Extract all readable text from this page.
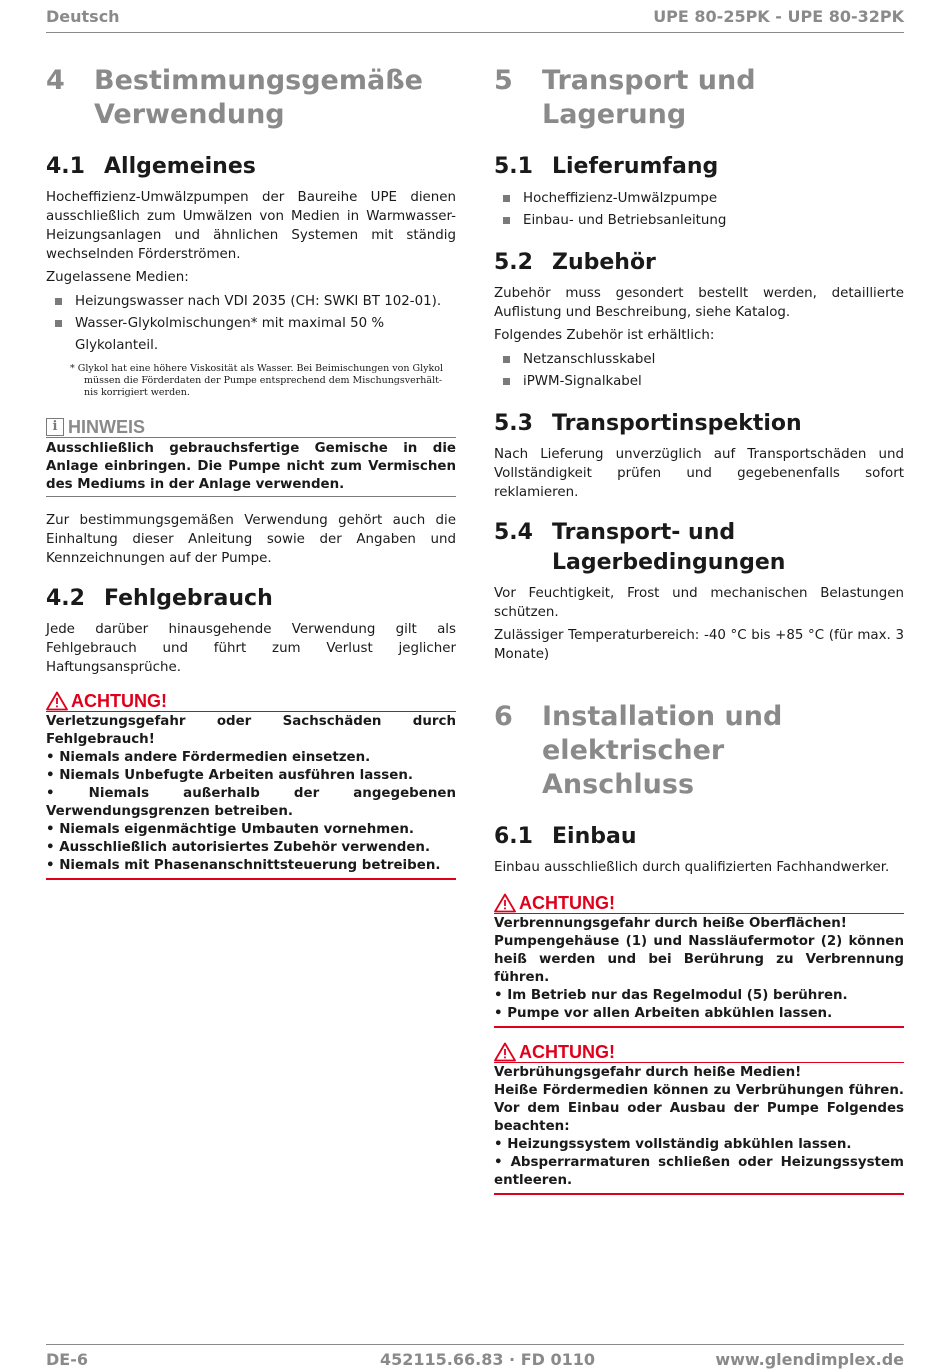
Deutsch	UPE 80-25PK - UPE 80-32PK
4	Bestimmungsgemäße
Verwendung
4.1 Allgemeines

Hocheffizienz-Umwälzpumpen der Baureihe UPE dienen ausschließlich zum Umwälzen von Medien in Warmwasser-Heizungsanlagen und ähnlichen Systemen mit ständig wechselnden Förderströmen.

Zugelassene Medien:

Heizungswasser nach VDI 2035 (CH: SWKI BT 102-01).
Wasser-Glykolmischungen* mit maximal 50 % Glykolanteil.
* Glykol hat eine höhere Viskosität als Wasser. Bei Beimischungen von Glykol
müssen die Förderdaten der Pumpe entsprechend dem Mischungsverhält-
nis korrigiert werden.
i HINWEIS
Ausschließlich gebrauchsfertige Gemische in die Anlage einbringen. Die Pumpe nicht zum Vermischen des Mediums in der Anlage verwenden.

Zur bestimmungsgemäßen Verwendung gehört auch die Einhaltung dieser Anleitung sowie der Angaben und Kennzeichnungen auf der Pumpe.

4.2 Fehlgebrauch

Jede darüber hinausgehende Verwendung gilt als Fehlgebrauch und führt zum Verlust jeglicher Haftungsansprüche.

ACHTUNG!
Verletzungsgefahr oder Sachschäden durch Fehlgebrauch!
• Niemals andere Fördermedien einsetzen.
• Niemals Unbefugte Arbeiten ausführen lassen.
• Niemals außerhalb der angegebenen Verwendungsgrenzen betreiben.
• Niemals eigenmächtige Umbauten vornehmen.
• Ausschließlich autorisiertes Zubehör verwenden.
• Niemals mit Phasenanschnittsteuerung betreiben.
5	Transport und Lagerung
5.1 Lieferumfang
Hocheffizienz-Umwälzpumpe
Einbau- und Betriebsanleitung
5.2 Zubehör

Zubehör muss gesondert bestellt werden, detaillierte Auflistung und Beschreibung, siehe Katalog.

Folgendes Zubehör ist erhältlich:

Netzanschlusskabel
iPWM-Signalkabel
5.3 Transportinspektion

Nach Lieferung unverzüglich auf Transportschäden und Vollständigkeit prüfen und gegebenenfalls sofort reklamieren.

5.4 Transport- und
Lagerbedingungen

Vor Feuchtigkeit, Frost und mechanischen Belastungen schützen.

Zulässiger Temperaturbereich: -40 °C bis +85 °C (für max. 3 Monate)

6	Installation und elektrischer
Anschluss
6.1 Einbau

Einbau ausschließlich durch qualifizierten Fachhandwerker.

ACHTUNG!
Verbrennungsgefahr durch heiße Oberflächen!
Pumpengehäuse (1) und Nassläufermotor (2) können heiß werden und bei Berührung zu Verbrennung führen.
• Im Betrieb nur das Regelmodul (5) berühren.
• Pumpe vor allen Arbeiten abkühlen lassen.
ACHTUNG!
Verbrühungsgefahr durch heiße Medien!
Heiße Fördermedien können zu Verbrühungen führen. Vor dem Einbau oder Ausbau der Pumpe Folgendes beachten:
• Heizungssystem vollständig abkühlen lassen.
• Absperrarmaturen schließen oder Heizungssystem entleeren.
DE-6	452115.66.83 · FD 0110	www.glendimplex.de
